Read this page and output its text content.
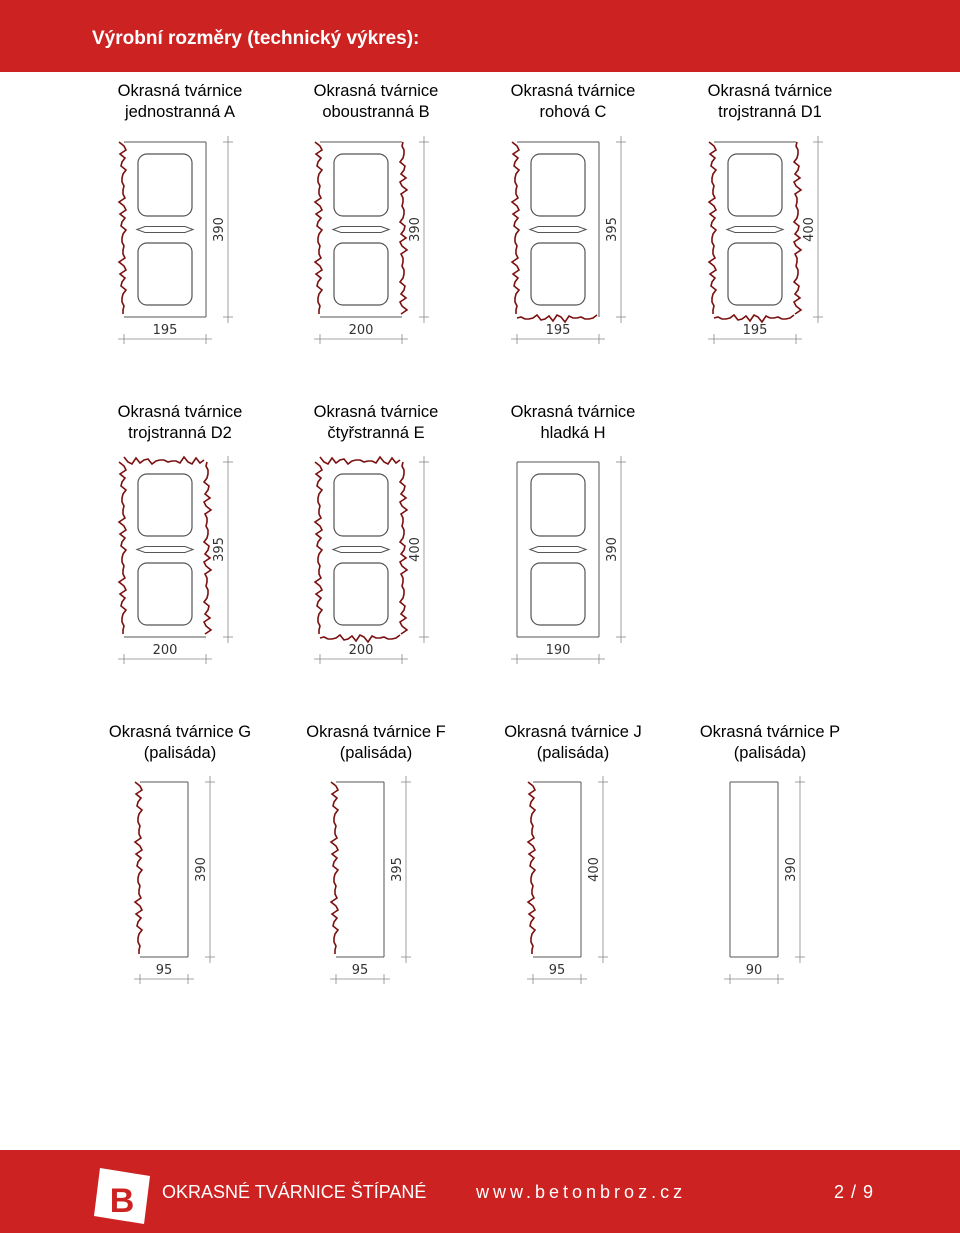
Výrobní rozměry (technický výkres):

Okrasná tvárnice
jednostranná A

Okrasná tvárnice
oboustranná B

Okrasná tvárnice
rohová C

Okrasná tvárnice
trojstranná D1

Okrasná tvárnice
trojstranná D2

Okrasná tvárnice
čtyřstranná E

Okrasná tvárnice
hladká H

Okrasná tvárnice G
(palisáda)

Okrasná tvárnice F
(palisáda)

Okrasná tvárnice J
(palisáda)

Okrasná tvárnice P
(palisáda)

390
195
390
200
395
195
400
195
395
200
400
200
390
190
390
95
395
95
400
95
390
90
B OKRASNÉ TVÁRNICE ŠTÍPANÉ	www.betonbroz.cz	2 / 9
